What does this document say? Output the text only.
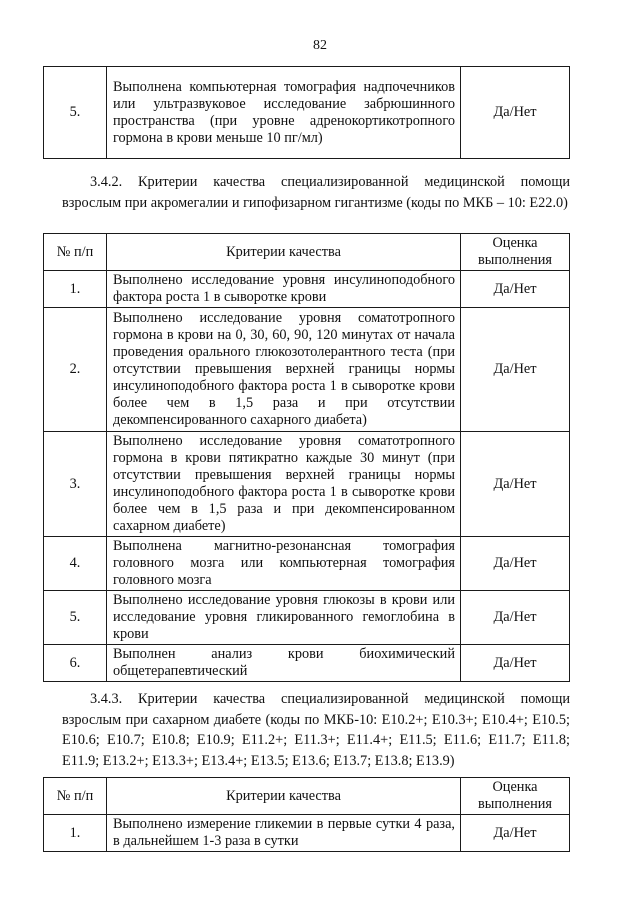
82
5.	Выполнена компьютерная томография надпочечников или ультразвуковое исследование забрюшинного пространства (при уровне адренокортикотропного гормона в крови меньше 10 пг/мл)	Да/Нет
3.4.2. Критерии качества специализированной медицинской помощи взрослым при акромегалии и гипофизарном гигантизме (коды по МКБ – 10: Е22.0)
№ п/п	Критерии качества	Оценка выполнения
1.	Выполнено исследование уровня инсулиноподобного фактора роста 1 в сыворотке крови	Да/Нет
2.	Выполнено исследование уровня соматотропного гормона в крови на 0, 30, 60, 90, 120 минутах от начала проведения орального глюкозотолерантного теста (при отсутствии превышения верхней границы нормы инсулиноподобного фактора роста 1 в сыворотке крови более чем в 1,5 раза и при отсутствии декомпенсированного сахарного диабета)	Да/Нет
3.	Выполнено исследование уровня соматотропного гормона в крови пятикратно каждые 30 минут (при отсутствии превышения верхней границы нормы инсулиноподобного фактора роста 1 в сыворотке крови более чем в 1,5 раза и при декомпенсированном сахарном диабете)	Да/Нет
4.	Выполнена магнитно-резонансная томография головного мозга или компьютерная томография головного мозга	Да/Нет
5.	Выполнено исследование уровня глюкозы в крови или исследование уровня гликированного гемоглобина в крови	Да/Нет
6.	Выполнен анализ крови биохимический общетерапевтический	Да/Нет
3.4.3. Критерии качества специализированной медицинской помощи взрослым при сахарном диабете (коды по МКБ-10: Е10.2+; Е10.3+; Е10.4+; Е10.5; Е10.6; Е10.7; Е10.8; Е10.9; Е11.2+; Е11.3+; Е11.4+; Е11.5; Е11.6; Е11.7; Е11.8; Е11.9; Е13.2+; Е13.3+; Е13.4+; Е13.5; Е13.6; Е13.7; Е13.8; Е13.9)
№ п/п	Критерии качества	Оценка выполнения
1.	Выполнено измерение гликемии в первые сутки 4 раза, в дальнейшем 1-3 раза в сутки	Да/Нет
